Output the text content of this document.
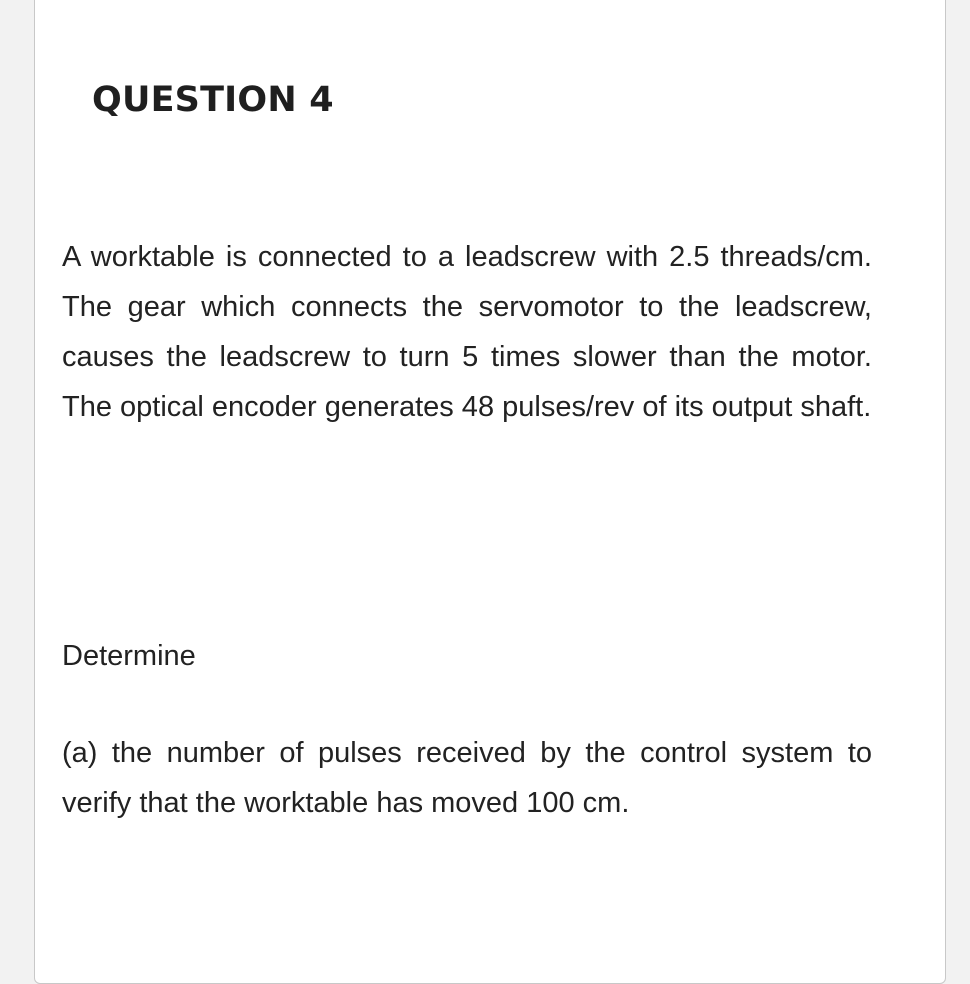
QUESTION 4

A worktable is connected to a leadscrew with 2.5 threads/cm. The gear which connects the servomotor to the leadscrew, causes the leadscrew to turn 5 times slower than the motor. The optical encoder generates 48 pulses/rev of its output shaft.

Determine

(a) the number of pulses received by the control system to verify that the worktable has moved 100 cm.
